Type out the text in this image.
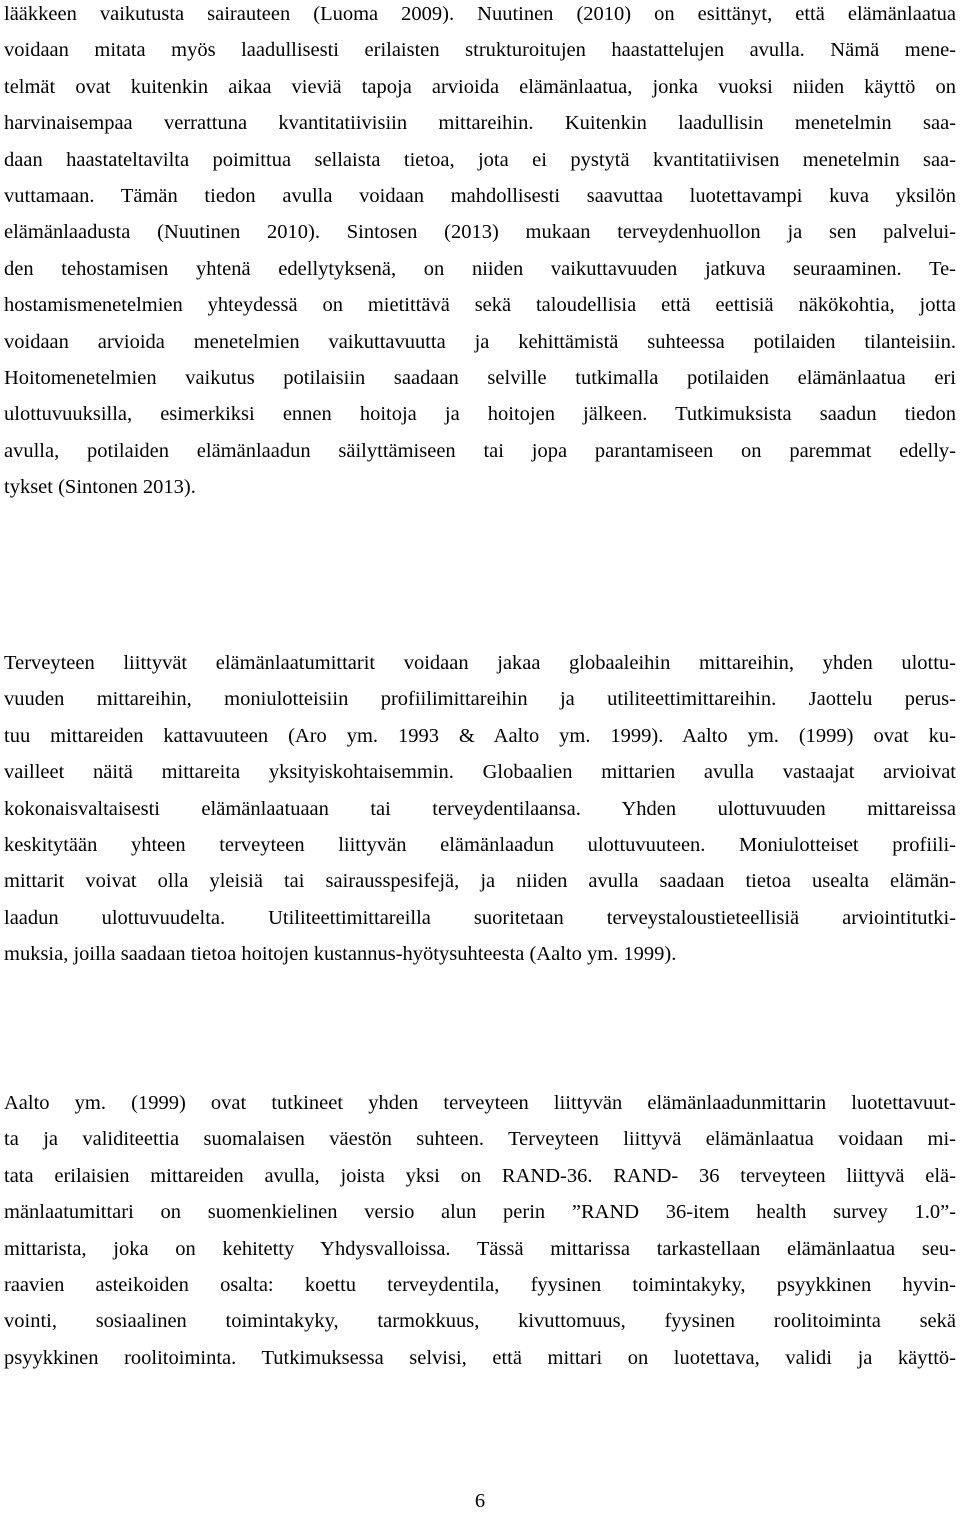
lääkkeen vaikutusta sairauteen (Luoma 2009). Nuutinen (2010) on esittänyt, että elämänlaatua
voidaan mitata myös laadullisesti erilaisten strukturoitujen haastattelujen avulla. Nämä mene-
telmät ovat kuitenkin aikaa vieviä tapoja arvioida elämänlaatua, jonka vuoksi niiden käyttö on
harvinaisempaa verrattuna kvantitatiivisiin mittareihin. Kuitenkin laadullisin menetelmin saa-
daan haastateltavilta poimittua sellaista tietoa, jota ei pystytä kvantitatiivisen menetelmin saa-
vuttamaan. Tämän tiedon avulla voidaan mahdollisesti saavuttaa luotettavampi kuva yksilön
elämänlaadusta (Nuutinen 2010). Sintosen (2013) mukaan terveydenhuollon ja sen palvelui-
den tehostamisen yhtenä edellytyksenä, on niiden vaikuttavuuden jatkuva seuraaminen. Te-
hostamismenetelmien yhteydessä on mietittävä sekä taloudellisia että eettisiä näkökohtia, jotta
voidaan arvioida menetelmien vaikuttavuutta ja kehittämistä suhteessa potilaiden tilanteisiin.
Hoitomenetelmien vaikutus potilaisiin saadaan selville tutkimalla potilaiden elämänlaatua eri
ulottuvuuksilla, esimerkiksi ennen hoitoja ja hoitojen jälkeen. Tutkimuksista saadun tiedon
avulla, potilaiden elämänlaadun säilyttämiseen tai jopa parantamiseen on paremmat edelly-
tykset (Sintonen 2013).
Terveyteen liittyvät elämänlaatumittarit voidaan jakaa globaaleihin mittareihin, yhden ulottu-
vuuden mittareihin, moniulotteisiin profiilimittareihin ja utiliteettimittareihin. Jaottelu perus-
tuu mittareiden kattavuuteen (Aro ym. 1993 & Aalto ym. 1999). Aalto ym. (1999) ovat ku-
vailleet näitä mittareita yksityiskohtaisemmin. Globaalien mittarien avulla vastaajat arvioivat
kokonaisvaltaisesti elämänlaatuaan tai terveydentilaansa. Yhden ulottuvuuden mittareissa
keskitytään yhteen terveyteen liittyvän elämänlaadun ulottuvuuteen. Moniulotteiset profiili-
mittarit voivat olla yleisiä tai sairausspesifejä, ja niiden avulla saadaan tietoa usealta elämän-
laadun ulottuvuudelta. Utiliteettimittareilla suoritetaan terveystaloustieteellisiä arviointitutki-
muksia, joilla saadaan tietoa hoitojen kustannus-hyötysuhteesta (Aalto ym. 1999).
Aalto ym. (1999) ovat tutkineet yhden terveyteen liittyvän elämänlaadunmittarin luotettavuut-
ta ja validiteettia suomalaisen väestön suhteen. Terveyteen liittyvä elämänlaatua voidaan mi-
tata erilaisien mittareiden avulla, joista yksi on RAND-36. RAND- 36 terveyteen liittyvä elä-
mänlaatumittari on suomenkielinen versio alun perin ”RAND 36-item health survey 1.0”-
mittarista, joka on kehitetty Yhdysvalloissa. Tässä mittarissa tarkastellaan elämänlaatua seu-
raavien asteikoiden osalta: koettu terveydentila, fyysinen toimintakyky, psyykkinen hyvin-
vointi, sosiaalinen toimintakyky, tarmokkuus, kivuttomuus, fyysinen roolitoiminta sekä
psyykkinen roolitoiminta. Tutkimuksessa selvisi, että mittari on luotettava, validi ja käyttö-
6
